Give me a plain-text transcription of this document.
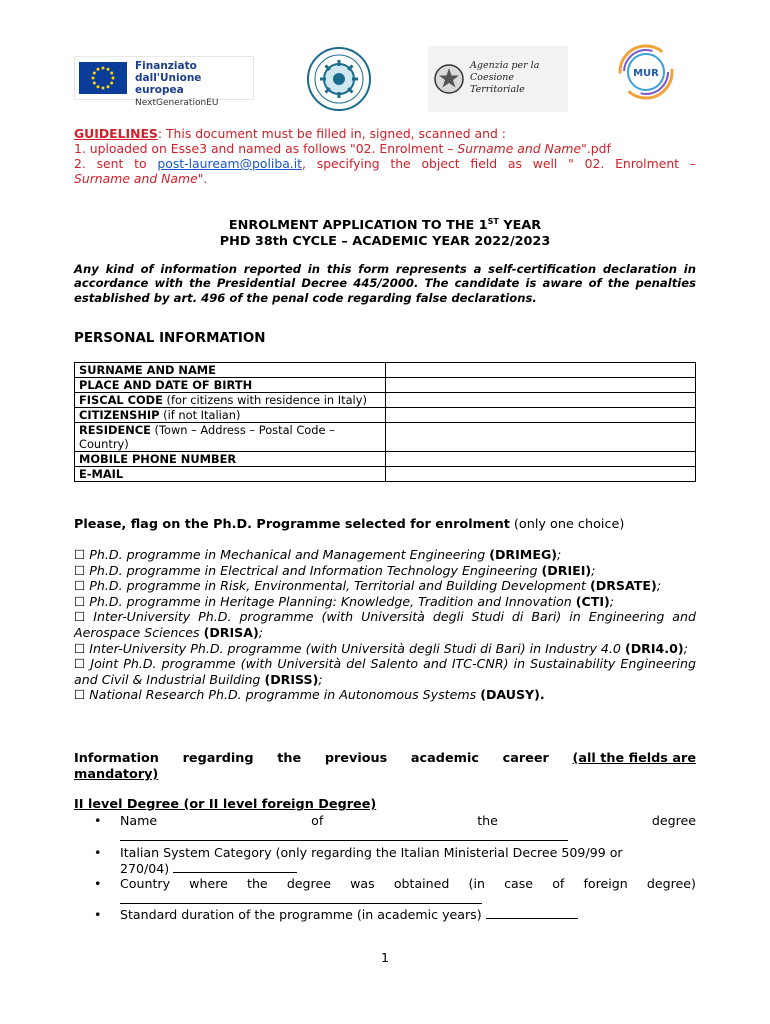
Finanziato
dall'Unione europea
NextGenerationEU
Agenzia per la
Coesione Territoriale
MUR
GUIDELINES: This document must be filled in, signed, scanned and :
1. uploaded on Esse3 and named as follows "02. Enrolment – Surname and Name".pdf
2. sent to post-lauream@poliba.it, specifying the object field as well " 02. Enrolment –
Surname and Name".
ENROLMENT APPLICATION TO THE 1ST YEAR
PHD 38th CYCLE – ACADEMIC YEAR 2022/2023
Any kind of information reported in this form represents a self-certification declaration in accordance with the Presidential Decree 445/2000. The candidate is aware of the penalties established by art. 496 of the penal code regarding false declarations.
PERSONAL INFORMATION
SURNAME AND NAME	
PLACE AND DATE OF BIRTH	
FISCAL CODE (for citizens with residence in Italy)	
CITIZENSHIP (if not Italian)	
RESIDENCE (Town – Address – Postal Code – Country)	
MOBILE PHONE NUMBER	
E-MAIL	
Please, flag on the Ph.D. Programme selected for enrolment (only one choice)

☐ Ph.D. programme in Mechanical and Management Engineering (DRIMEG);

☐ Ph.D. programme in Electrical and Information Technology Engineering (DRIEI);

☐ Ph.D. programme in Risk, Environmental, Territorial and Building Development (DRSATE);

☐ Ph.D. programme in Heritage Planning: Knowledge, Tradition and Innovation (CTI);

☐ Inter-University Ph.D. programme (with Università degli Studi di Bari) in Engineering and Aerospace Sciences (DRISA);

☐ Inter-University Ph.D. programme (with Università degli Studi di Bari) in Industry 4.0 (DRI4.0);

☐ Joint Ph.D. programme (with Università del Salento and ITC-CNR) in Sustainability Engineering and Civil & Industrial Building (DRISS);

☐ National Research Ph.D. programme in Autonomous Systems (DAUSY).

Information regarding the previous academic career (all the fields are
mandatory)
II level Degree (or II level foreign Degree)
• Name	of	the	degree
• Italian System Category (only regarding the Italian Ministerial Decree 509/99 or
270/04)
• Country where the degree was obtained (in case of foreign degree)
• Standard duration of the programme (in academic years)
1
